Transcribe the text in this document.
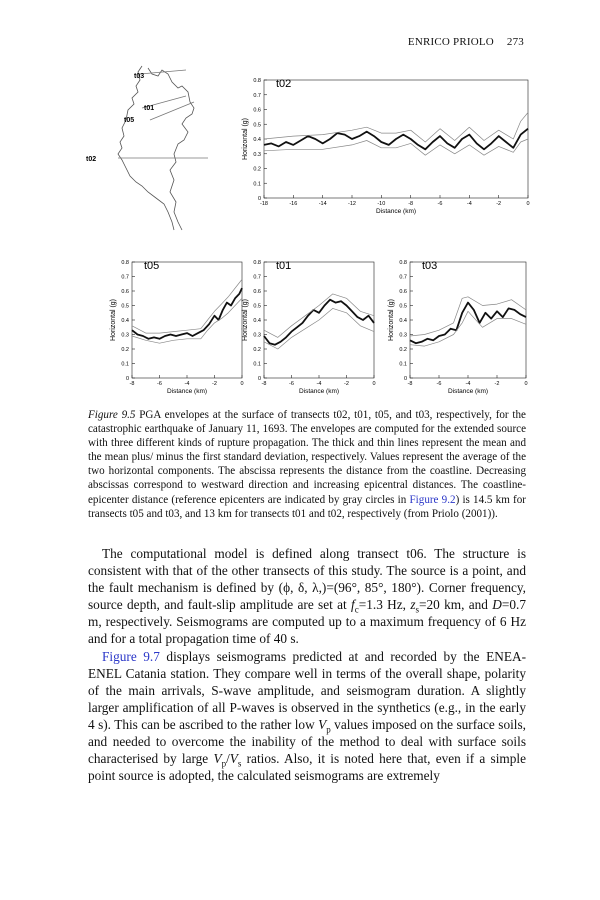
ENRICO PRIOLO 273
t03
t01
t05
t02
0
0.1
0.2
0.3
0.4
0.5
0.6
0.7
0.8
-18	-16	-14	-12	-10	-8	-6	-4	-2	0
Distance (km)
Horizontal (g)
t02
0
0.1
0.2
0.3
0.4
0.5
0.6
0.7
0.8
-8	-6	-4	-2	0
Distance (km)
Horizontal (g)
t05
0
0.1
0.2
0.3
0.4
0.5
0.6
0.7
0.8
-8	-6	-4	-2	0
Distance (km)
Horizontal (g)
t01
0
0.1
0.2
0.3
0.4
0.5
0.6
0.7
0.8
-8	-6	-4	-2	0
Distance (km)
Horizontal (g)
t03
Figure 9.5 PGA envelopes at the surface of transects t02, t01, t05, and t03, respectively, for the catastrophic earthquake of January 11, 1693. The envelopes are computed for the extended source with three different kinds of rupture propagation. The thick and thin lines represent the mean and the mean plus/ minus the first standard deviation, respectively. Values represent the average of the two horizontal components. The abscissa represents the distance from the coastline. Decreasing abscissas correspond to westward direction and increasing epicentral distances. The coastline-epicenter distance (reference epicenters are indicated by gray circles in Figure 9.2) is 14.5 km for transects t05 and t03, and 13 km for transects t01 and t02, respectively (from Priolo (2001)).

The computational model is defined along transect t06. The structure is consistent with that of the other transects of this study. The source is a point, and the fault mechanism is defined by (ϕ, δ, λ,)=(96°, 85°, 180°). Corner frequency, source depth, and fault-slip amplitude are set at $f_c=1.3$ Hz, $z_s=20$ km, and D=0.7 m, respectively. Seismograms are computed up to a maximum frequency of 6 Hz and for a total propagation time of 40 s.

Figure 9.7 displays seismograms predicted at and recorded by the ENEA-ENEL Catania station. They compare well in terms of the overall shape, polarity of the main arrivals, S-wave amplitude, and seismogram duration. A slightly larger amplification of all P-waves is observed in the synthetics (e.g., in the early 4 s). This can be ascribed to the rather low $V_p$ values imposed on the surface soils, and needed to overcome the inability of the method to deal with surface soils characterised by large $V_p/V_s$ ratios. Also, it is noted here that, even if a simple point source is adopted, the calculated seismograms are extremely
